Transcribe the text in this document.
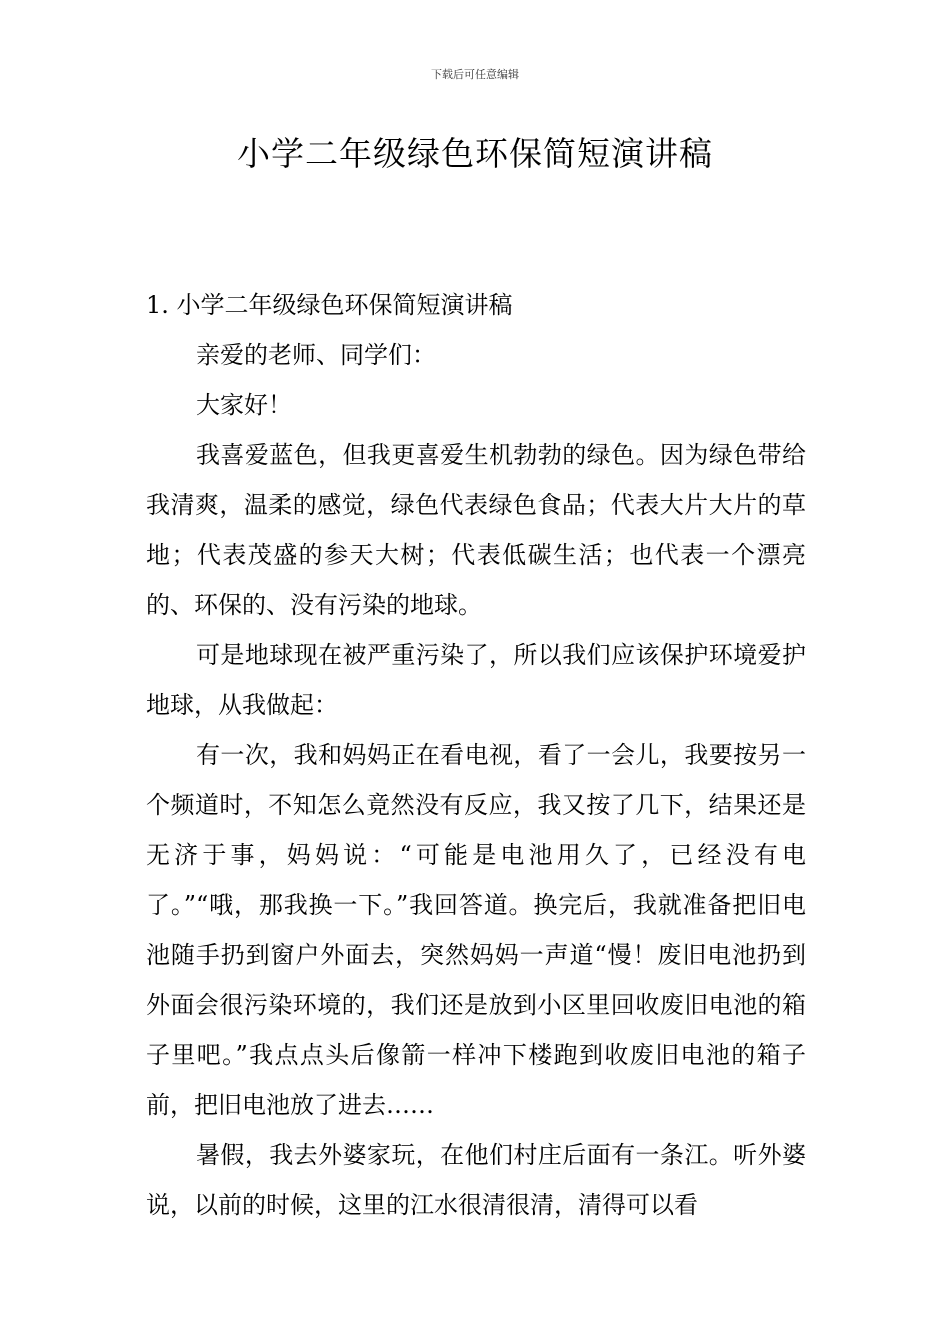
下载后可任意编辑
小学二年级绿色环保简短演讲稿

1. 小学二年级绿色环保简短演讲稿

亲爱的老师、同学们：

大家好！

我喜爱蓝色，但我更喜爱生机勃勃的绿色。因为绿色带给我清爽，温柔的感觉，绿色代表绿色食品；代表大片大片的草地；代表茂盛的参天大树；代表低碳生活；也代表一个漂亮的、环保的、没有污染的地球。

可是地球现在被严重污染了，所以我们应该保护环境爱护地球，从我做起：

有一次，我和妈妈正在看电视，看了一会儿，我要按另一个频道时，不知怎么竟然没有反应，我又按了几下，结果还是无济于事，妈妈说：“可能是电池用久了，已经没有电了。”“哦，那我换一下。”我回答道。换完后，我就准备把旧电池随手扔到窗户外面去，突然妈妈一声道“慢！废旧电池扔到外面会很污染环境的，我们还是放到小区里回收废旧电池的箱子里吧。”我点点头后像箭一样冲下楼跑到收废旧电池的箱子前，把旧电池放了进去……

暑假，我去外婆家玩，在他们村庄后面有一条江。听外婆说，以前的时候，这里的江水很清很清，清得可以看
